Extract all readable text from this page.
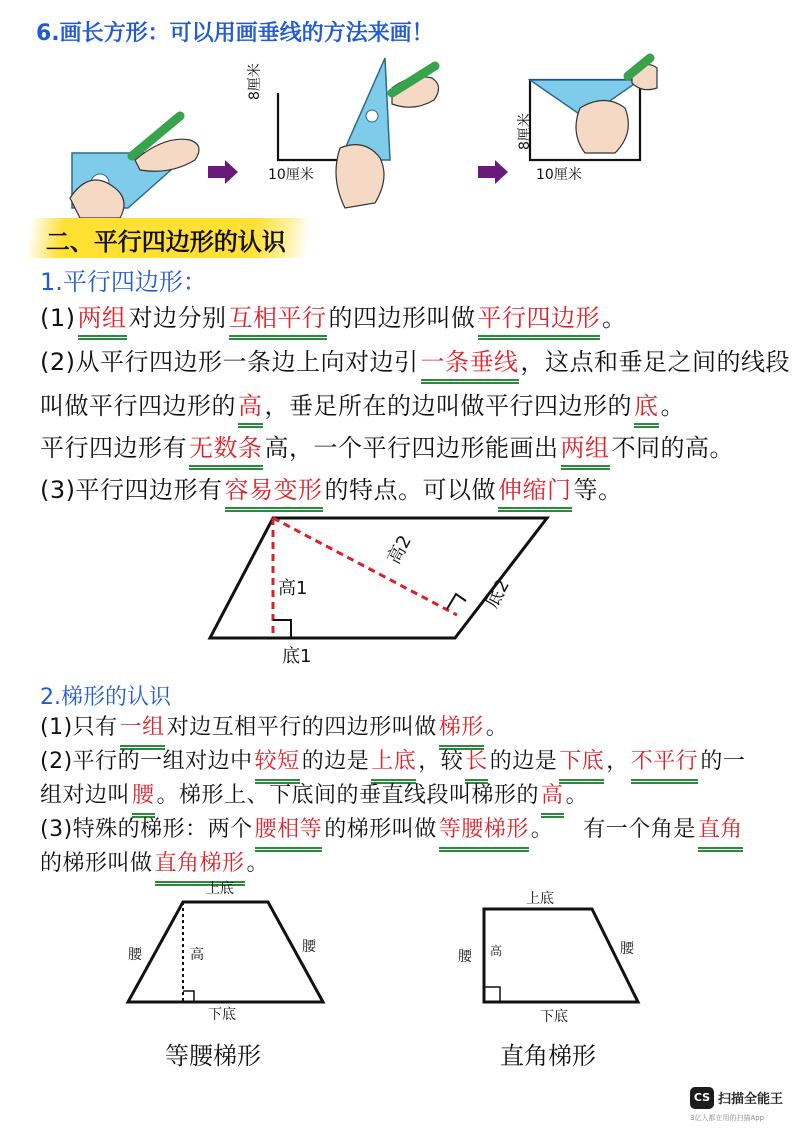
6.画长方形：可以用画垂线的方法来画！
8厘米
10厘米
8厘米
10厘米
二、平行四边形的认识
1.平行四边形：
(1)两组对边分别互相平行的四边形叫做平行四边形。
(2)从平行四边形一条边上向对边引一条垂线，这点和垂足之间的线段
叫做平行四边形的高，垂足所在的边叫做平行四边形的底。
平行四边形有无数条高，一个平行四边形能画出两组不同的高。
(3)平行四边形有容易变形的特点。可以做伸缩门等。
高1
高2
底1
底2
2.梯形的认识
(1)只有一组对边互相平行的四边形叫做梯形。
(2)平行的一组对边中较短的边是上底，较长的边是下底，不平行的一
组对边叫腰。梯形上、下底间的垂直线段叫梯形的高。
(3)特殊的梯形：两个腰相等的梯形叫做等腰梯形。    有一个角是直角
的梯形叫做直角梯形。
上底
下底
腰	腰
高
等腰梯形
上底
下底
腰	腰
高
直角梯形
CS 扫描全能王
3亿人都在用的扫描App
